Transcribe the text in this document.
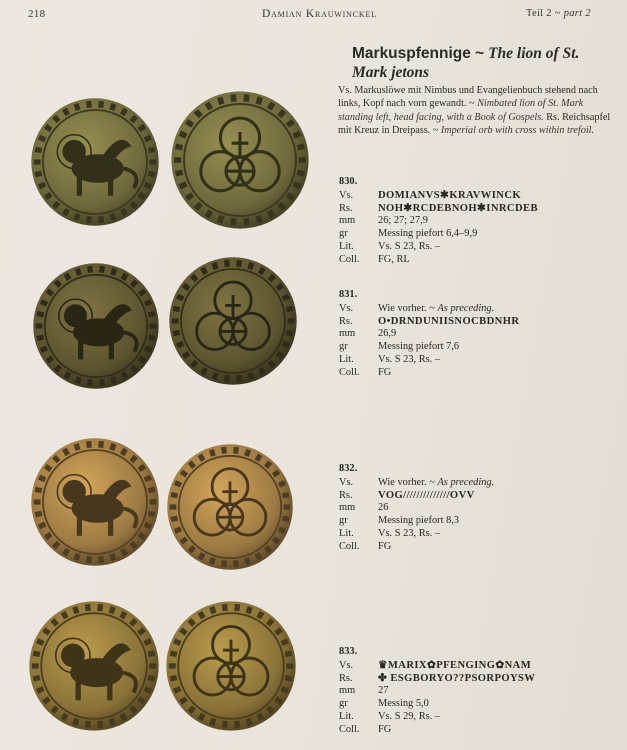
218	Damian Krauwinckel	Teil 2 ~ part 2
Markuspfennige ~ The lion of St. Mark jetons
Vs. Markuslöwe mit Nimbus und Evangelienbuch stehend nach links, Kopf nach vorn gewandt. ~ Nimbated lion of St. Mark standing left, head facing, with a Book of Gospels. Rs. Reichsapfel mit Kreuz in Dreipass. ~ Imperial orb with cross within trefoil.
830.
Vs.	DOMIANVS✱KRAVWINCK
Rs.	NOH✱RCDEBNOH✱INRCDEB
mm	26; 27; 27,9
gr	Messing piefort 6,4–9,9
Lit.	Vs. S 23, Rs. –
Coll.	FG, RL
831.
Vs.	Wie vorher. ~ As preceding.
Rs.	O•DRNDUNIISNOCBDNHR
mm	26,9
gr	Messing piefort 7,6
Lit.	Vs. S 23, Rs. –
Coll.	FG
832.
Vs.	Wie vorher. ~ As preceding.
Rs.	VOG//////////////OVV
mm	26
gr	Messing piefort 8,3
Lit.	Vs. S 23, Rs. –
Coll.	FG
833.
Vs.	♛MARIX✿PFENGING✿NAM
Rs.	✤ ESGBORYO??PSORPOYSW
mm	27
gr	Messing 5,0
Lit.	Vs. S 29, Rs. –
Coll.	FG
